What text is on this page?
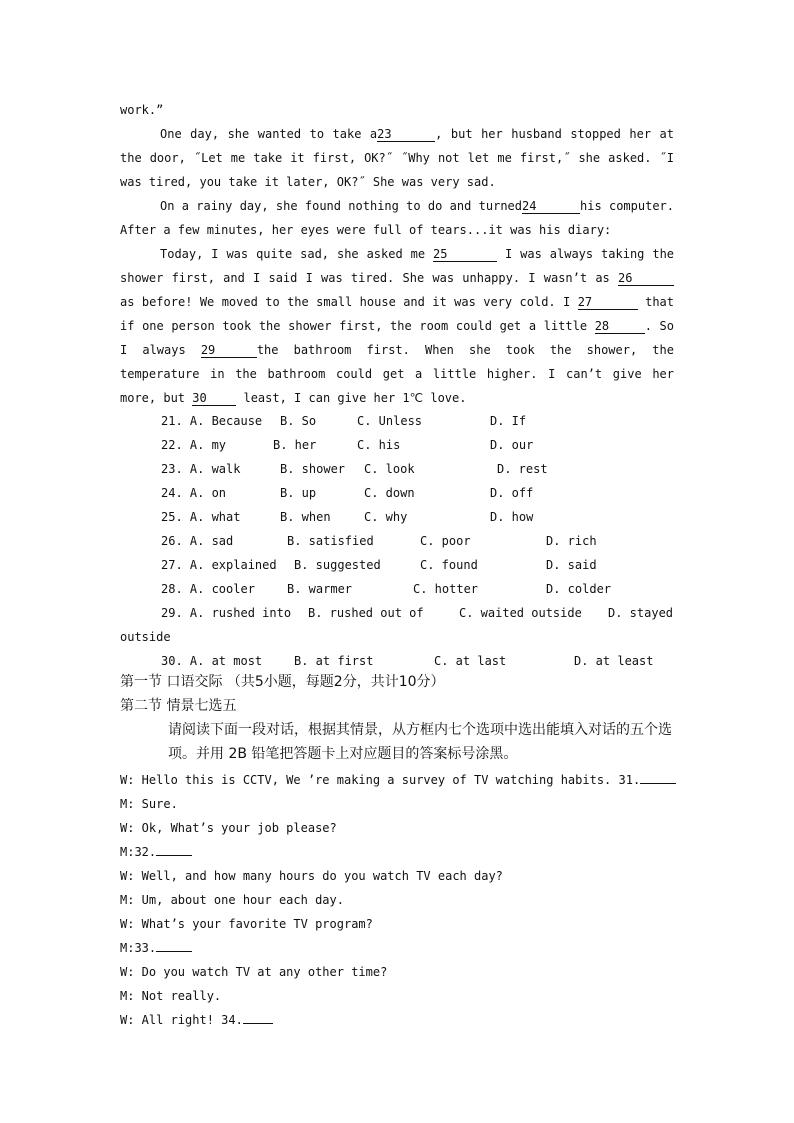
work.”
One day, she wanted to take a23	, but her husband stopped her at the door, ˝Let me take it first, OK?˝ ˝Why not let me first,˝ she asked. ˝I was tired, you take it later, OK?˝ She was very sad.
On a rainy day, she found nothing to do and turned24	his computer. After a few minutes, her eyes were full of tears...it was his diary:
Today, I was quite sad, she asked me 25	I was always taking the shower first, and I said I was tired. She was unhappy. I wasn’t as 26 as before! We moved to the small house and it was very cold. I 27	that if one person took the shower first, the room could get a little 28	. So I always 29	the bathroom first. When she took the shower, the temperature in the bathroom could get a little higher. I can’t give her more, but 30 least, I can give her 1℃ love.
21. A. Because B. So	C. Unless	D. If
22. A. my	B. her	C. his	D. our
23. A. walk	B. shower C. look	D. rest
24. A. on	B. up	C. down	D. off
25. A. what	B. when	C. why	D. how
26. A. sad	B. satisfied	C. poor	D. rich
27. A. explained B. suggested	C. found	D. said
28. A. cooler	B. warmer	C. hotter	D. colder
29. A. rushed into B. rushed out of	C. waited outside D. stayed
outside
30. A. at most	B. at first	C. at last	D. at least
第一节 口语交际 （共5小题，每题2分，共计10分）
第二节 情景七选五
请阅读下面一段对话，根据其情景，从方框内七个选项中选出能填入对话的五个选
项。并用 2B 铅笔把答题卡上对应题目的答案标号涂黑。
W: Hello this is CCTV, We ’re making a survey of TV watching habits. 31.
M: Sure.
W: Ok, What’s your job please?
M:32.
W: Well, and how many hours do you watch TV each day?
M: Um, about one hour each day.
W: What’s your favorite TV program?
M:33.
W: Do you watch TV at any other time?
M: Not really.
W: All right! 34.
